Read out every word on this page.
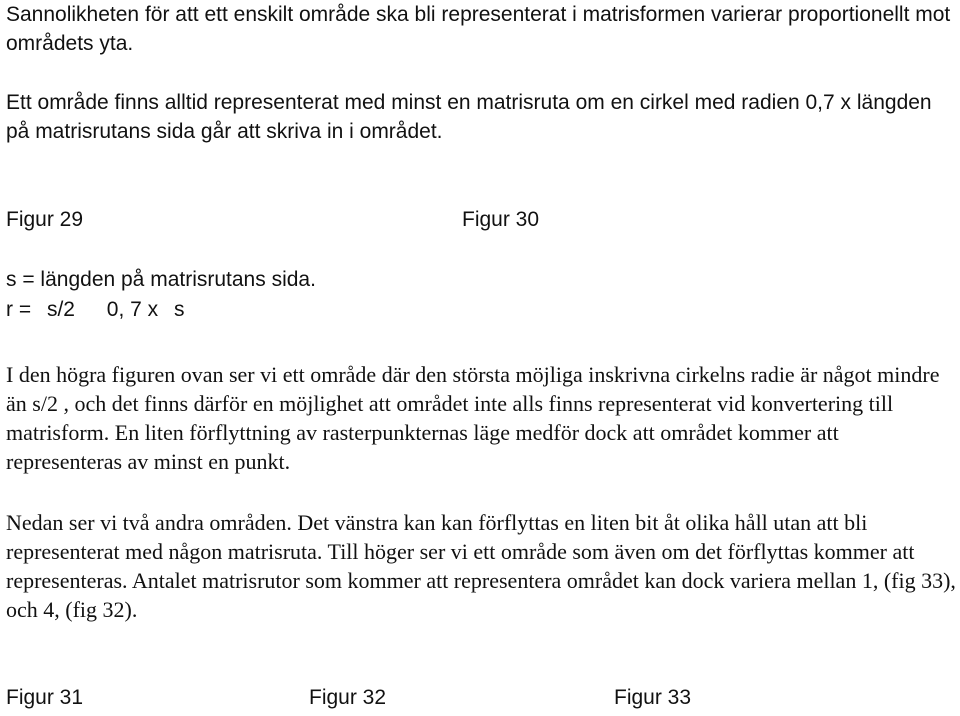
Sannolikheten för att ett enskilt område ska bli representerat i matrisformen varierar proportionellt mot områdets yta.

Ett område finns alltid representerat med minst en matrisruta om en cirkel med radien 0,7 x längden på matrisrutans sida går att skriva in i området.

Figur 29	Figur 30
s = längden på matrisrutans sida.
r = s/2 0, 7 x s

I den högra figuren ovan ser vi ett område där den största möjliga inskrivna cirkelns radie är något mindre än s/2 , och det finns därför en möjlighet att området inte alls finns representerat vid konvertering till matrisform. En liten förflyttning av rasterpunkternas läge medför dock att området kommer att representeras av minst en punkt.

Nedan ser vi två andra områden. Det vänstra kan kan förflyttas en liten bit åt olika håll utan att bli representerat med någon matrisruta. Till höger ser vi ett område som även om det förflyttas kommer att representeras. Antalet matrisrutor som kommer att representera området kan dock variera mellan 1, (fig 33), och 4, (fig 32).

Figur 31	Figur 32	Figur 33
